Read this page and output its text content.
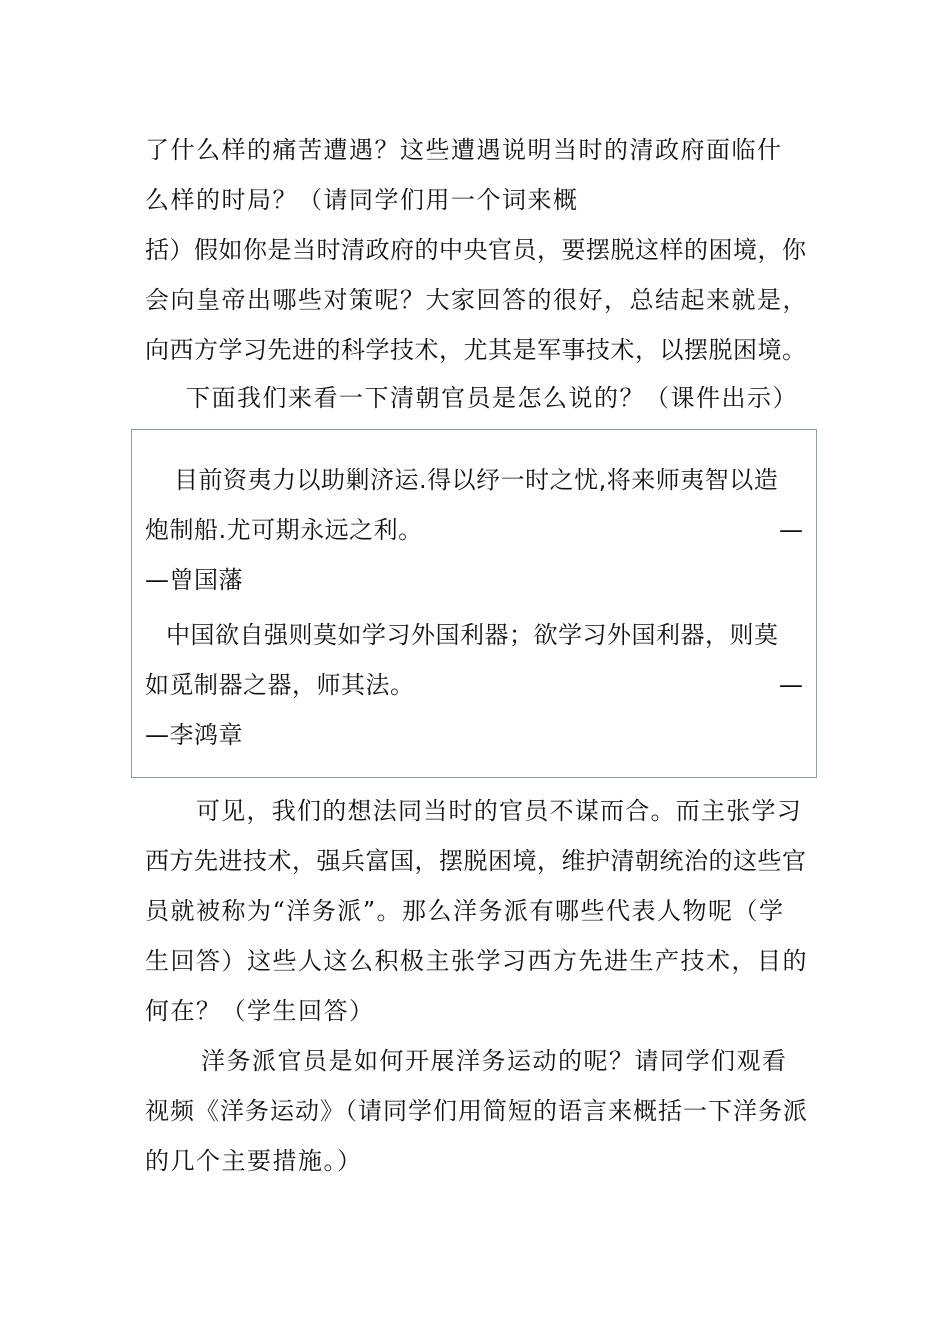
了什么样的痛苦遭遇？这些遭遇说明当时的清政府面临什
么样的时局？（请同学们用一个词来概
括）假如你是当时清政府的中央官员，要摆脱这样的困境，你
会向皇帝出哪些对策呢？大家回答的很好，总结起来就是，
向西方学习先进的科学技术，尤其是军事技术，以摆脱困境。
下面我们来看一下清朝官员是怎么说的？（课件出示）
目前资夷力以助剿济运.得以纾一时之忧,将来师夷智以造
炮制船.尤可期永远之利。	—
—曾国藩
中国欲自强则莫如学习外国利器；欲学习外国利器，则莫
如觅制器之器，师其法。	—
—李鸿章
可见，我们的想法同当时的官员不谋而合。而主张学习
西方先进技术，强兵富国，摆脱困境，维护清朝统治的这些官
员就被称为“洋务派”。那么洋务派有哪些代表人物呢（学
生回答）这些人这么积极主张学习西方先进生产技术，目的
何在？（学生回答）
洋务派官员是如何开展洋务运动的呢？请同学们观看
视频《洋务运动》（请同学们用简短的语言来概括一下洋务派
的几个主要措施。）
